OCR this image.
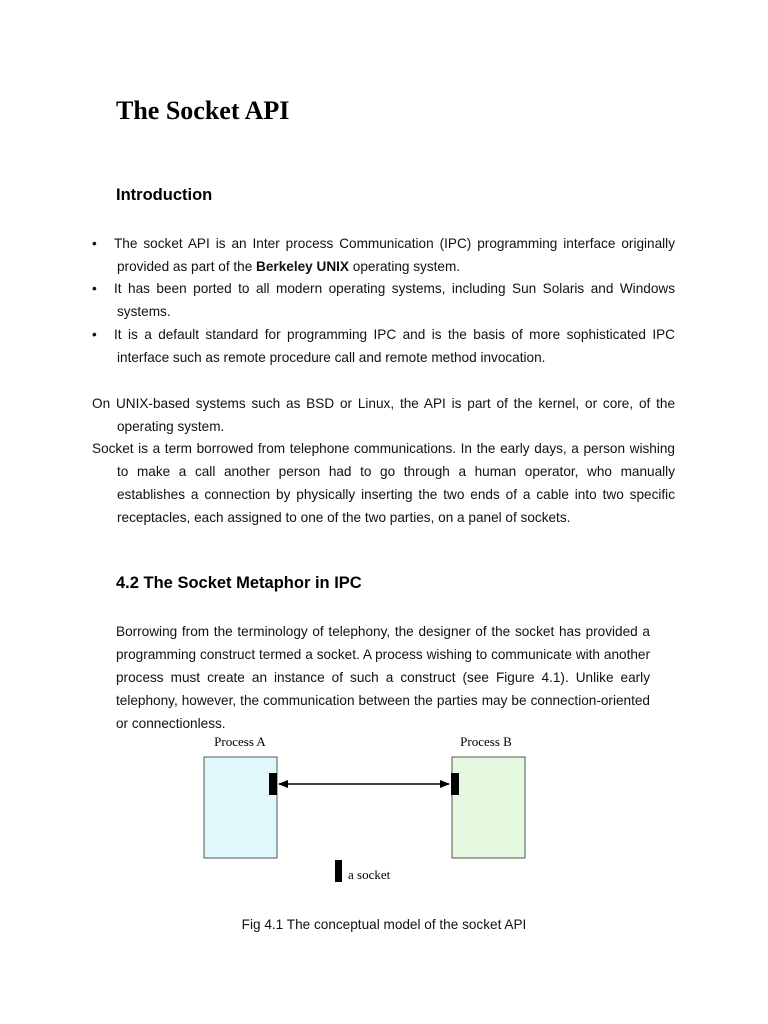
The Socket API
Introduction

• The socket API is an Inter process Communication (IPC) programming interface originally provided as part of the Berkeley UNIX operating system.

• It has been ported to all modern operating systems, including Sun Solaris and Windows systems.

• It is a default standard for programming IPC and is the basis of more sophisticated IPC interface such as remote procedure call and remote method invocation.

On UNIX-based systems such as BSD or Linux, the API is part of the kernel, or core, of the operating system.

Socket is a term borrowed from telephone communications. In the early days, a person wishing to make a call another person had to go through a human operator, who manually establishes a connection by physically inserting the two ends of a cable into two specific receptacles, each assigned to one of the two parties, on a panel of sockets.

4.2 The Socket Metaphor in IPC

Borrowing from the terminology of telephony, the designer of the socket has provided a programming construct termed a socket. A process wishing to communicate with another process must create an instance of such a construct (see Figure 4.1). Unlike early telephony, however, the communication between the parties may be connection-oriented or connectionless.

Process A	Process B
a socket

Fig 4.1 The conceptual model of the socket API
